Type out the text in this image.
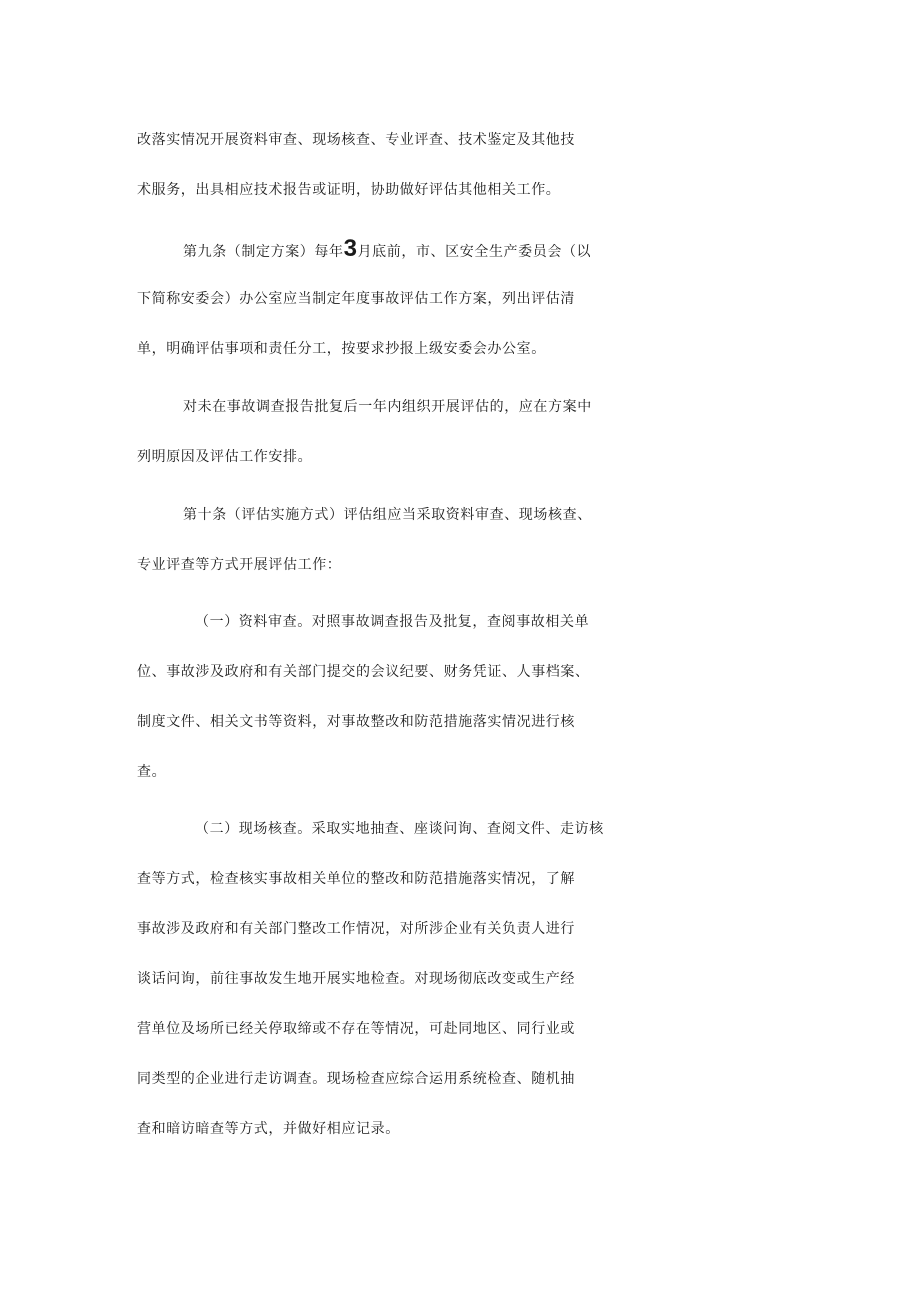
改落实情况开展资料审查、现场核查、专业评查、技术鉴定及其他技

术服务，出具相应技术报告或证明，协助做好评估其他相关工作。

第九条（制定方案）每年3月底前，市、区安全生产委员会（以

下简称安委会）办公室应当制定年度事故评估工作方案，列出评估清

单，明确评估事项和责任分工，按要求抄报上级安委会办公室。

对未在事故调查报告批复后一年内组织开展评估的，应在方案中

列明原因及评估工作安排。

第十条（评估实施方式）评估组应当采取资料审查、现场核查、

专业评查等方式开展评估工作：

（一）资料审查。对照事故调查报告及批复，查阅事故相关单

位、事故涉及政府和有关部门提交的会议纪要、财务凭证、人事档案、

制度文件、相关文书等资料，对事故整改和防范措施落实情况进行核

查。

（二）现场核查。采取实地抽查、座谈问询、查阅文件、走访核

查等方式，检查核实事故相关单位的整改和防范措施落实情况，了解

事故涉及政府和有关部门整改工作情况，对所涉企业有关负责人进行

谈话问询，前往事故发生地开展实地检查。对现场彻底改变或生产经

营单位及场所已经关停取缔或不存在等情况，可赴同地区、同行业或

同类型的企业进行走访调查。现场检查应综合运用系统检查、随机抽

查和暗访暗查等方式，并做好相应记录。
